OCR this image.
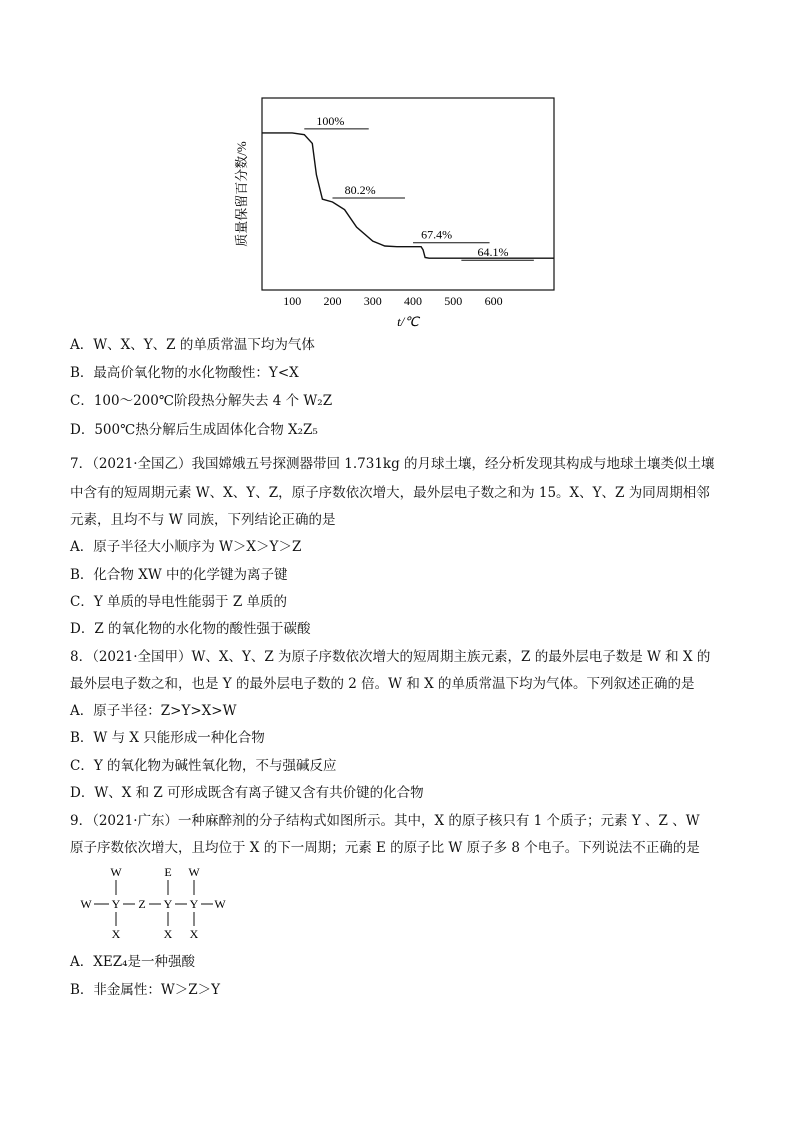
100 200 300 400 500 600
100%
80.2%
67.4%
64.1%
质量保留百分数/%
t/℃
A．W、X、Y、Z 的单质常温下均为气体
B．最高价氧化物的水化物酸性：Y<X
C．100～200℃阶段热分解失去 4 个 W₂Z
D．500℃热分解后生成固体化合物 X₂Z₅
7．（2021·全国乙）我国嫦娥五号探测器带回 1.731kg 的月球土壤，经分析发现其构成与地球土壤类似土壤
中含有的短周期元素 W、X、Y、Z，原子序数依次增大，最外层电子数之和为 15。X、Y、Z 为同周期相邻
元素，且均不与 W 同族，下列结论正确的是
A．原子半径大小顺序为 W＞X＞Y＞Z
B．化合物 XW 中的化学键为离子键
C．Y 单质的导电性能弱于 Z 单质的
D．Z 的氧化物的水化物的酸性强于碳酸
8．（2021·全国甲）W、X、Y、Z 为原子序数依次增大的短周期主族元素，Z 的最外层电子数是 W 和 X 的
最外层电子数之和，也是 Y 的最外层电子数的 2 倍。W 和 X 的单质常温下均为气体。下列叙述正确的是
A．原子半径：Z>Y>X>W
B．W 与 X 只能形成一种化合物
C．Y 的氧化物为碱性氧化物，不与强碱反应
D．W、X 和 Z 可形成既含有离子键又含有共价键的化合物
9．（2021·广东）一种麻醉剂的分子结构式如图所示。其中，X 的原子核只有 1 个质子；元素 Y 、Z 、W
原子序数依次增大，且均位于 X 的下一周期；元素 E 的原子比 W 原子多 8 个电子。下列说法不正确的是
A．XEZ₄是一种强酸
B．非金属性：W＞Z＞Y
W	E W
W Y Z Y Y W
X	X X
